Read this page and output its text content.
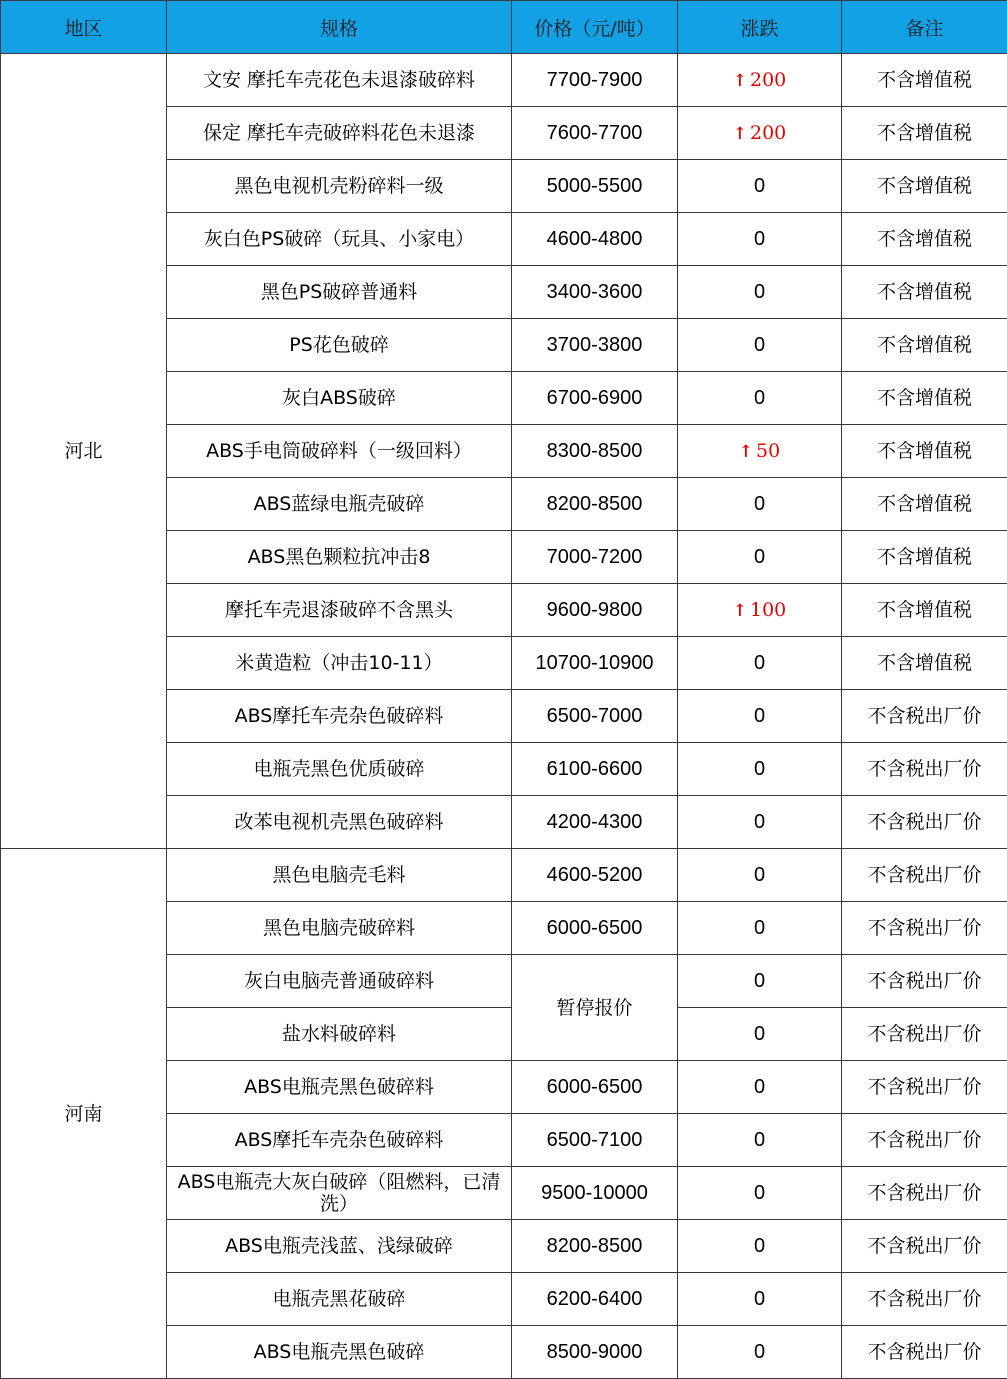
地区	规格	价格（元/吨）	涨跌	备注
河北	文安 摩托车壳花色未退漆破碎料	7700-7900	↑ 200	不含增值税
	保定 摩托车壳破碎料花色未退漆	7600-7700	↑ 200	不含增值税
	黑色电视机壳粉碎料一级	5000-5500	0	不含增值税
	灰白色PS破碎（玩具、小家电）	4600-4800	0	不含增值税
	黑色PS破碎普通料	3400-3600	0	不含增值税
	PS花色破碎	3700-3800	0	不含增值税
	灰白ABS破碎	6700-6900	0	不含增值税
	ABS手电筒破碎料（一级回料）	8300-8500	↑ 50	不含增值税
	ABS蓝绿电瓶壳破碎	8200-8500	0	不含增值税
	ABS黑色颗粒抗冲击8	7000-7200	0	不含增值税
	摩托车壳退漆破碎不含黑头	9600-9800	↑ 100	不含增值税
	米黄造粒（冲击10-11）	10700-10900	0	不含增值税
	ABS摩托车壳杂色破碎料	6500-7000	0	不含税出厂价
	电瓶壳黑色优质破碎	6100-6600	0	不含税出厂价
	改苯电视机壳黑色破碎料	4200-4300	0	不含税出厂价
河南	黑色电脑壳毛料	4600-5200	0	不含税出厂价
	黑色电脑壳破碎料	6000-6500	0	不含税出厂价
	灰白电脑壳普通破碎料	暂停报价	0	不含税出厂价
	盐水料破碎料		0	不含税出厂价
	ABS电瓶壳黑色破碎料	6000-6500	0	不含税出厂价
	ABS摩托车壳杂色破碎料	6500-7100	0	不含税出厂价
	ABS电瓶壳大灰白破碎（阻燃料，已清洗）	9500-10000	0	不含税出厂价
	ABS电瓶壳浅蓝、浅绿破碎	8200-8500	0	不含税出厂价
	电瓶壳黑花破碎	6200-6400	0	不含税出厂价
	ABS电瓶壳黑色破碎	8500-9000	0	不含税出厂价
